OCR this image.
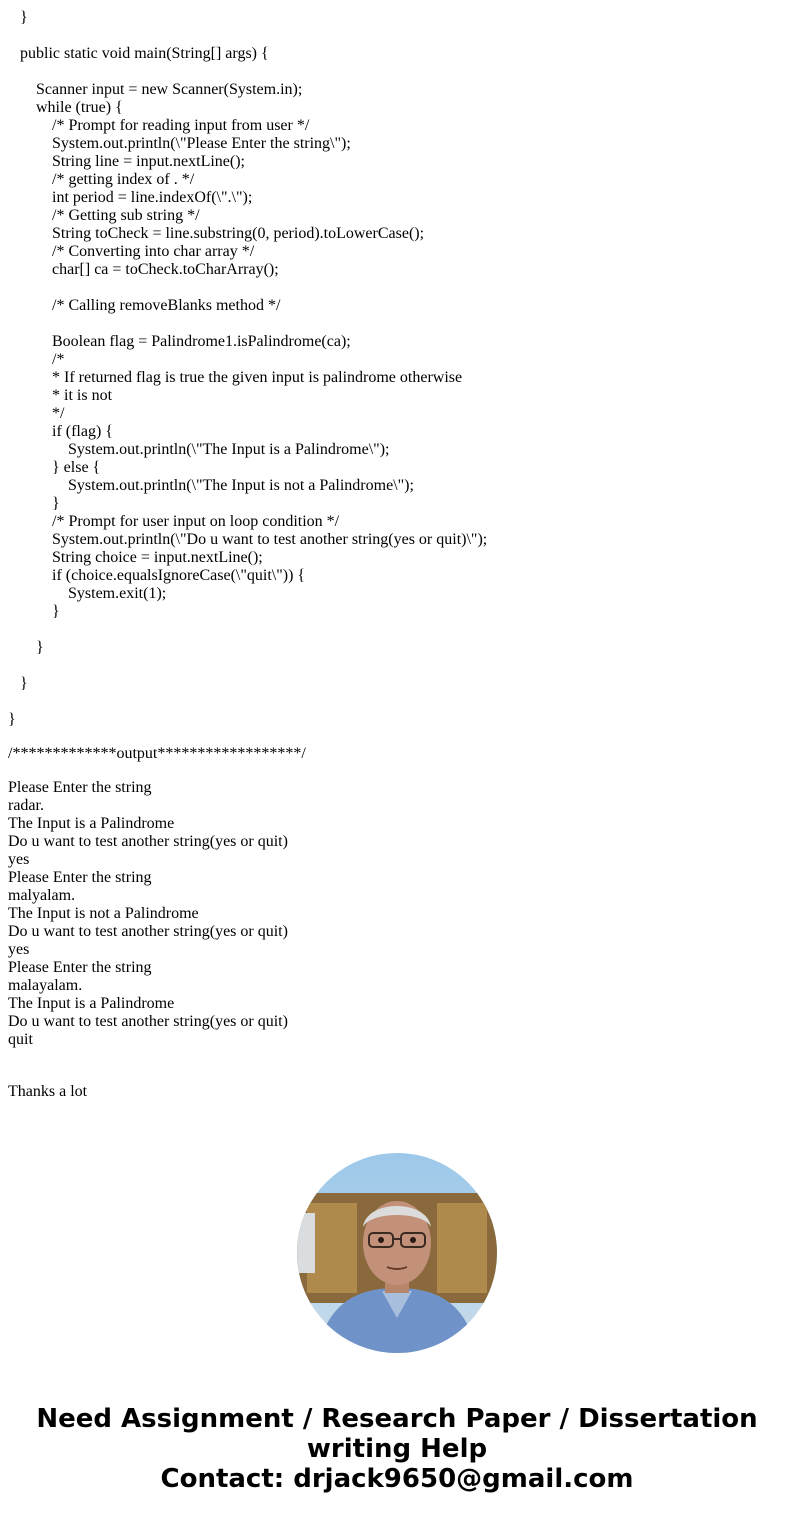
}
public static void main(String[] args) {
Scanner input = new Scanner(System.in);
while (true) {
/* Prompt for reading input from user */
System.out.println(\"Please Enter the string\");
String line = input.nextLine();
/* getting index of . */
int period = line.indexOf(\".\");
/* Getting sub string */
String toCheck = line.substring(0, period).toLowerCase();
/* Converting into char array */
char[] ca = toCheck.toCharArray();
/* Calling removeBlanks method */
Boolean flag = Palindrome1.isPalindrome(ca);
/*
* If returned flag is true the given input is palindrome otherwise
* it is not
*/
if (flag) {
System.out.println(\"The Input is a Palindrome\");
} else {
System.out.println(\"The Input is not a Palindrome\");
}
/* Prompt for user input on loop condition */
System.out.println(\"Do u want to test another string(yes or quit)\");
String choice = input.nextLine();
if (choice.equalsIgnoreCase(\"quit\")) {
System.exit(1);
}
}
}
}
/*************output******************/
Please Enter the string
radar.
The Input is a Palindrome
Do u want to test another string(yes or quit)
yes
Please Enter the string
malyalam.
The Input is not a Palindrome
Do u want to test another string(yes or quit)
yes
Please Enter the string
malayalam.
The Input is a Palindrome
Do u want to test another string(yes or quit)
quit
Thanks a lot
Need Assignment / Research Paper / Dissertation
writing Help
Contact: drjack9650@gmail.com
